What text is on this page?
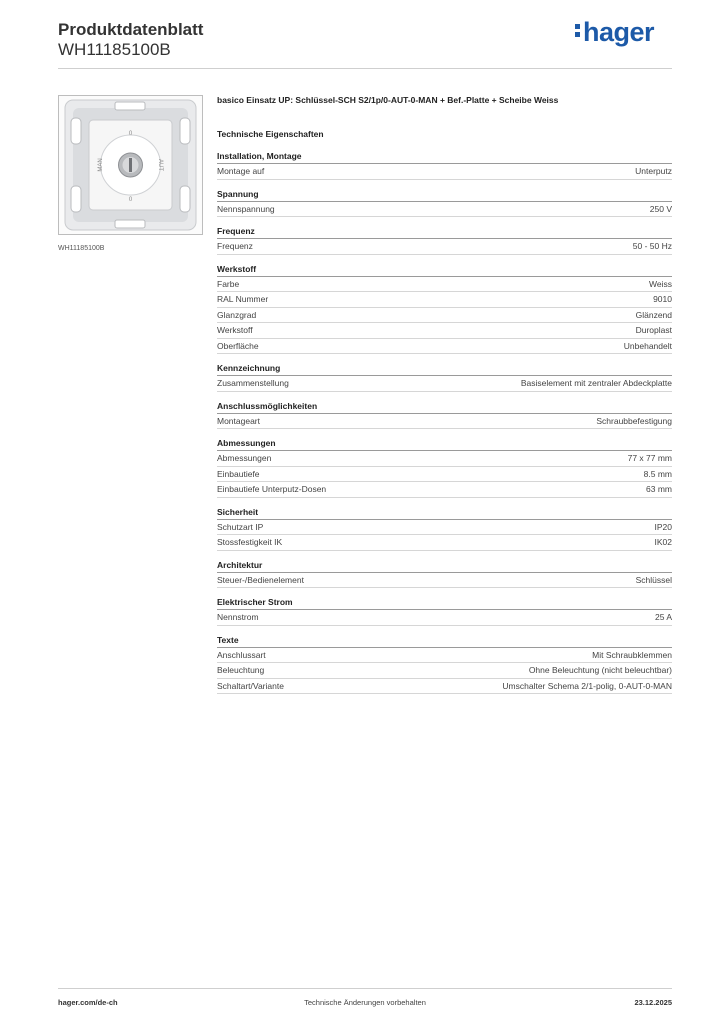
Produktdatenblatt
WH11185100B
hager
0
0
MAN	AUT
WH11185100B
basico Einsatz UP: Schlüssel-SCH S2/1p/0-AUT-0-MAN + Bef.-Platte + Scheibe Weiss
Technische Eigenschaften
Installation, Montage
Montage auf	Unterputz
Spannung
Nennspannung	250 V
Frequenz
Frequenz	50 - 50 Hz
Werkstoff
Farbe	Weiss
RAL Nummer	9010
Glanzgrad	Glänzend
Werkstoff	Duroplast
Oberfläche	Unbehandelt
Kennzeichnung
Zusammenstellung	Basiselement mit zentraler Abdeckplatte
Anschlussmöglichkeiten
Montageart	Schraubbefestigung
Abmessungen
Abmessungen	77 x 77 mm
Einbautiefe	8.5 mm
Einbautiefe Unterputz-Dosen	63 mm
Sicherheit
Schutzart IP	IP20
Stossfestigkeit IK	IK02
Architektur
Steuer-/Bedienelement	Schlüssel
Elektrischer Strom
Nennstrom	25 A
Texte
Anschlussart	Mit Schraubklemmen
Beleuchtung	Ohne Beleuchtung (nicht beleuchtbar)
Schaltart/Variante	Umschalter Schema 2/1-polig, 0-AUT-0-MAN
hager.com/de-ch	Technische Änderungen vorbehalten	23.12.2025
